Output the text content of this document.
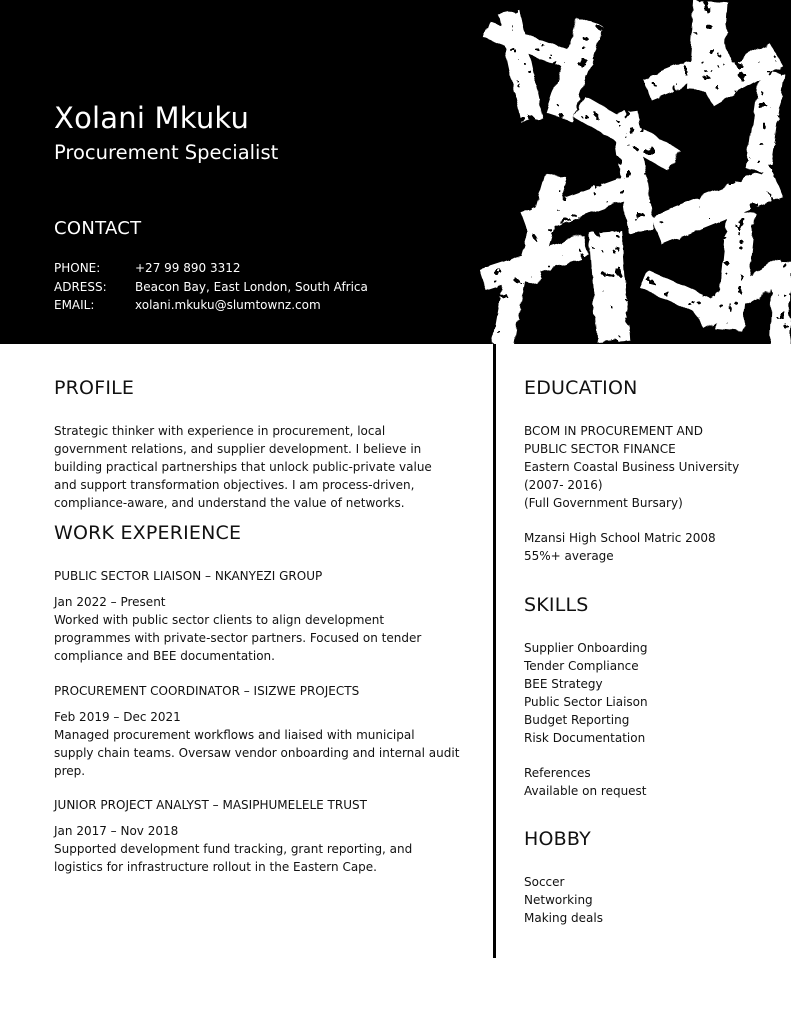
Xolani Mkuku
Procurement Specialist
CONTACT
PHONE:	+27 99 890 3312
ADRESS: Beacon Bay, East London, South Africa
EMAIL:	xolani.mkuku@slumtownz.com
PROFILE
Strategic thinker with experience in procurement, local
government relations, and supplier development. I believe in
building practical partnerships that unlock public-private value
and support transformation objectives. I am process-driven,
compliance-aware, and understand the value of networks.
WORK EXPERIENCE
PUBLIC SECTOR LIAISON – NKANYEZI GROUP
Jan 2022 – Present
Worked with public sector clients to align development
programmes with private-sector partners. Focused on tender
compliance and BEE documentation.
PROCUREMENT COORDINATOR – ISIZWE PROJECTS
Feb 2019 – Dec 2021
Managed procurement workflows and liaised with municipal
supply chain teams. Oversaw vendor onboarding and internal audit
prep.
JUNIOR PROJECT ANALYST – MASIPHUMELELE TRUST
Jan 2017 – Nov 2018
Supported development fund tracking, grant reporting, and
logistics for infrastructure rollout in the Eastern Cape.
EDUCATION
BCOM IN PROCUREMENT AND
PUBLIC SECTOR FINANCE
Eastern Coastal Business University
(2007- 2016)
(Full Government Bursary)
Mzansi High School Matric 2008
55%+ average
SKILLS
Supplier Onboarding
Tender Compliance
BEE Strategy
Public Sector Liaison
Budget Reporting
Risk Documentation
References
Available on request
HOBBY
Soccer
Networking
Making deals
